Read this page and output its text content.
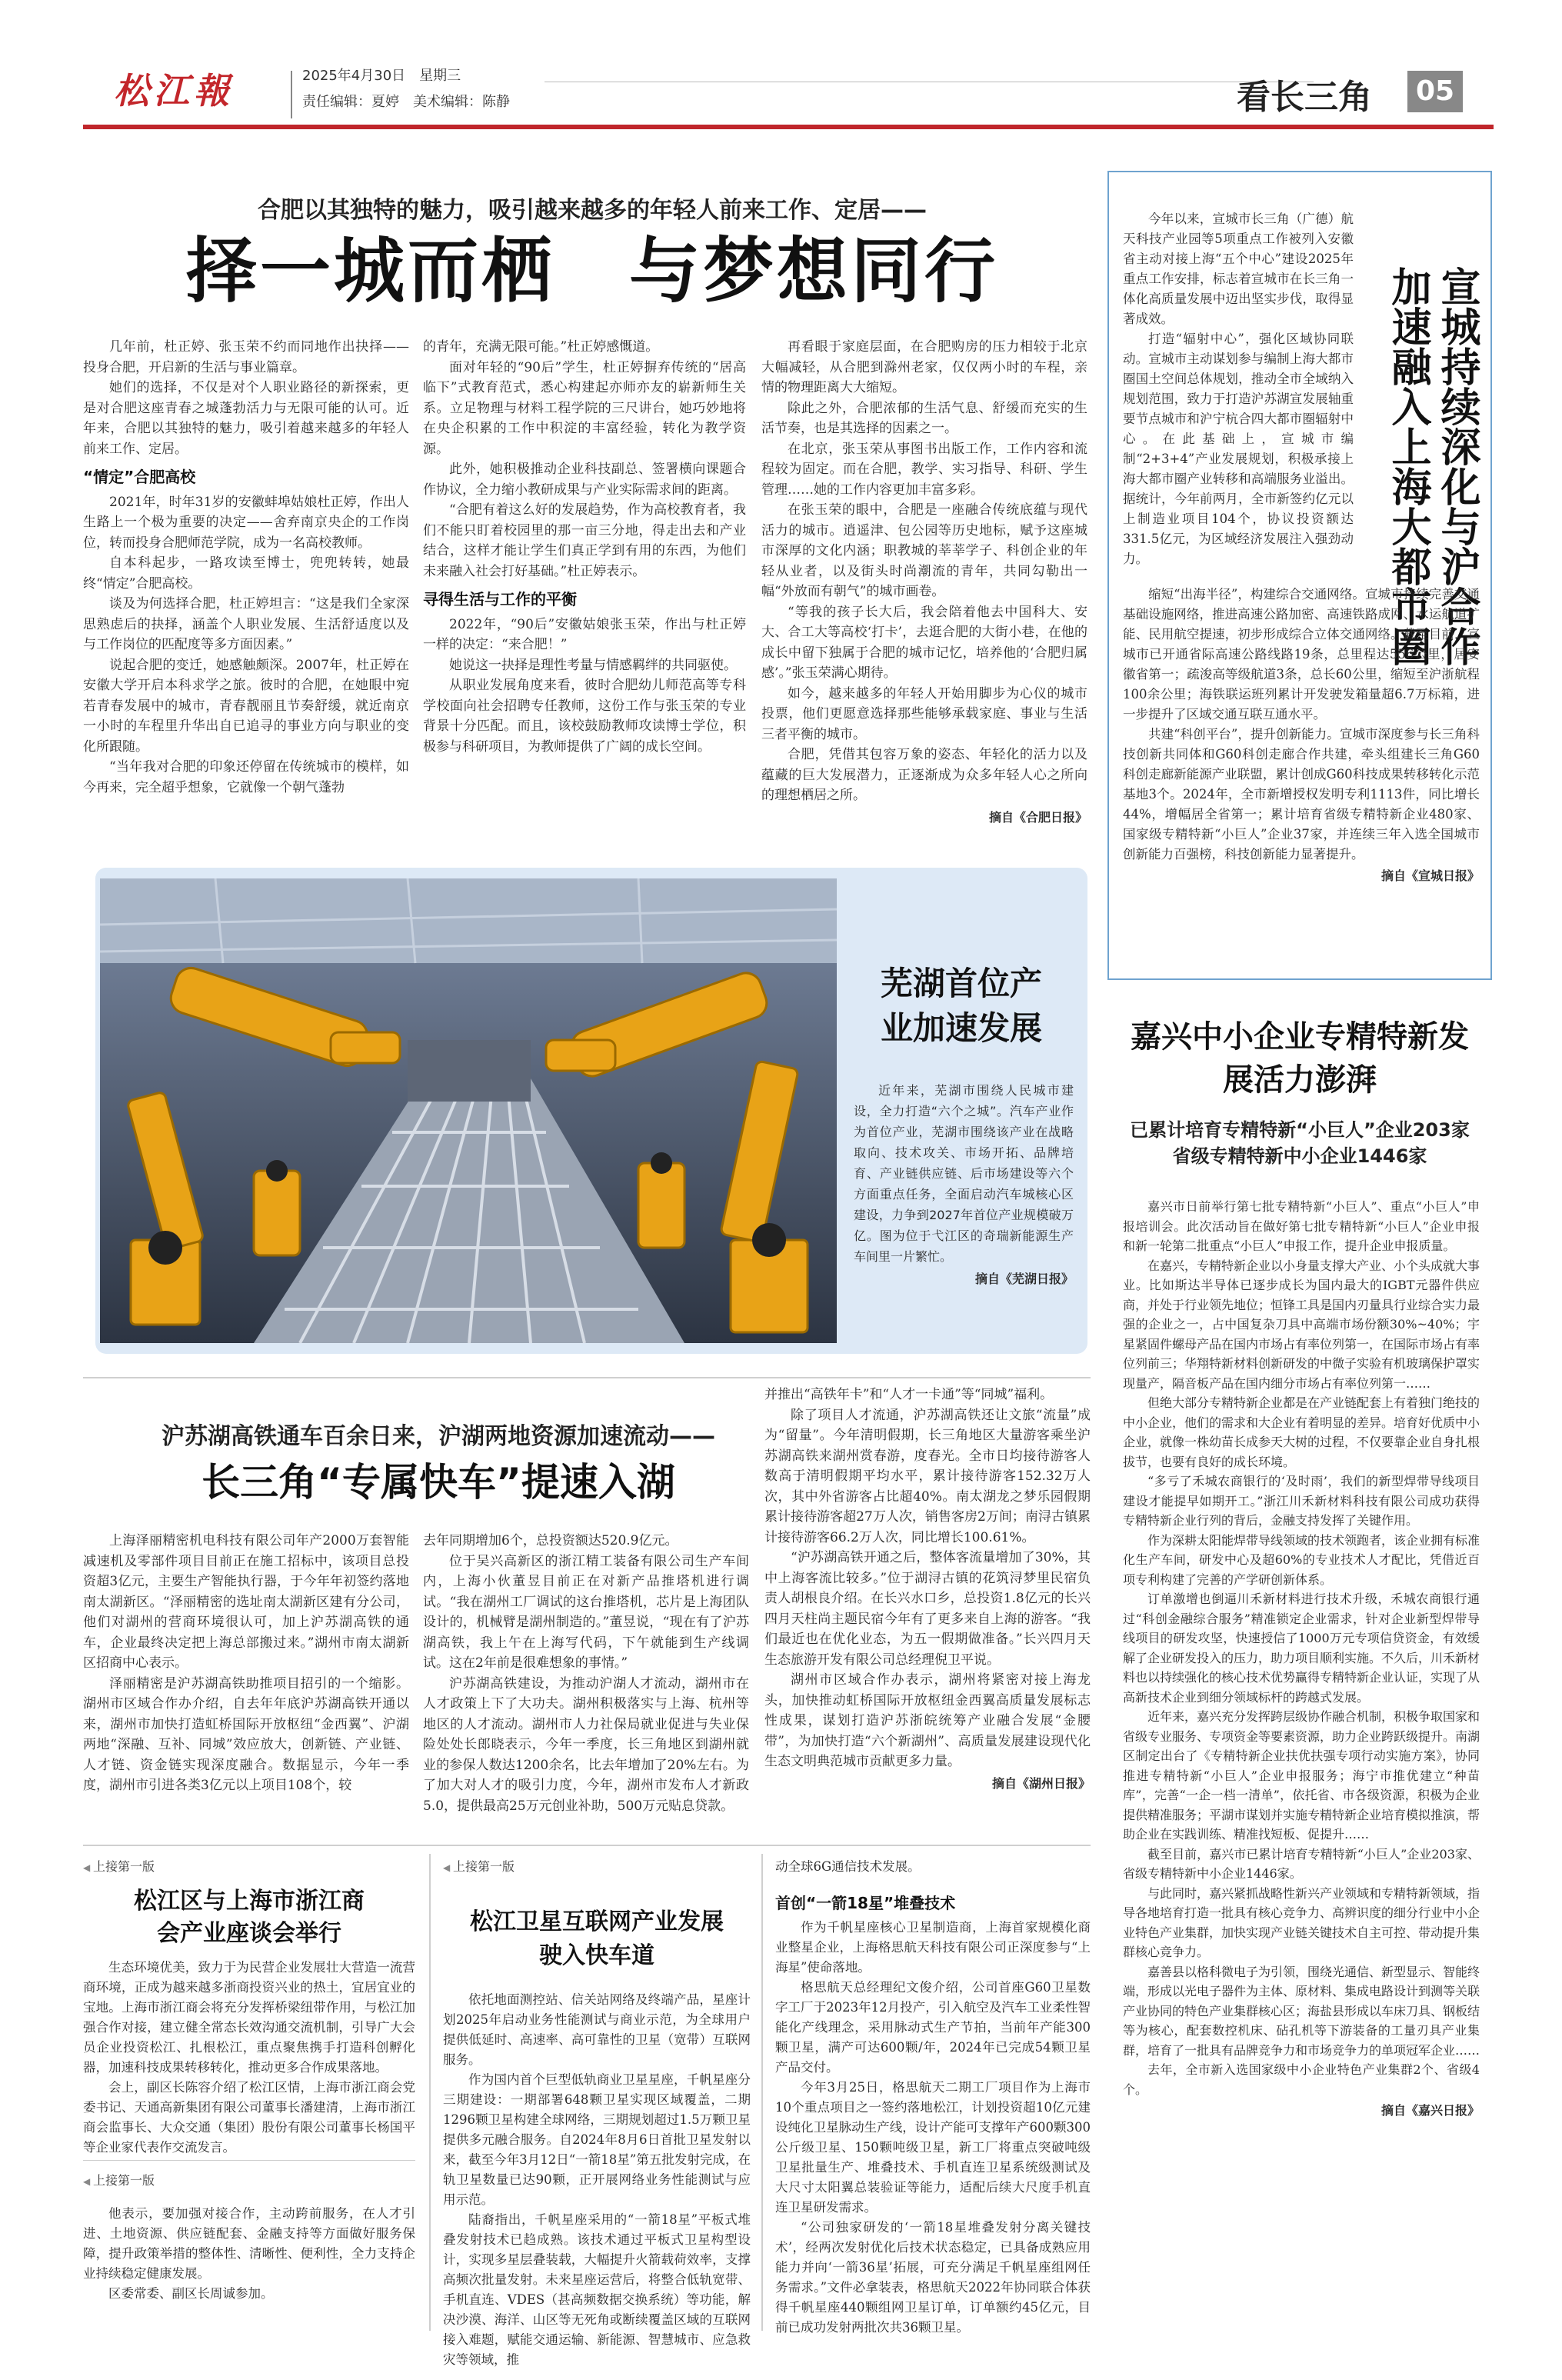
松江報	2025年4月30日　星期三
责任编辑：夏婷　美术编辑：陈静	看长三角	05
合肥以其独特的魅力，吸引越来越多的年轻人前来工作、定居——
择一城而栖　与梦想同行

几年前，杜正婷、张玉荣不约而同地作出抉择——投身合肥，开启新的生活与事业篇章。

她们的选择，不仅是对个人职业路径的新探索，更是对合肥这座青春之城蓬勃活力与无限可能的认可。近年来，合肥以其独特的魅力，吸引着越来越多的年轻人前来工作、定居。

“情定”合肥高校

2021年，时年31岁的安徽蚌埠姑娘杜正婷，作出人生路上一个极为重要的决定——舍弃南京央企的工作岗位，转而投身合肥师范学院，成为一名高校教师。

自本科起步，一路攻读至博士，兜兜转转，她最终“情定”合肥高校。

谈及为何选择合肥，杜正婷坦言：“这是我们全家深思熟虑后的抉择，涵盖个人职业发展、生活舒适度以及与工作岗位的匹配度等多方面因素。”

说起合肥的变迁，她感触颇深。2007年，杜正婷在安徽大学开启本科求学之旅。彼时的合肥，在她眼中宛若青春发展中的城市，青春靓丽且节奏舒缓，就近南京一小时的车程里升华出自已追寻的事业方向与职业的变化所跟随。

“当年我对合肥的印象还停留在传统城市的模样，如今再来，完全超乎想象，它就像一个朝气蓬勃

的青年，充满无限可能。”杜正婷感慨道。

面对年轻的“90后”学生，杜正婷摒弃传统的“居高临下”式教育范式，悉心构建起亦师亦友的崭新师生关系。立足物理与材料工程学院的三尺讲台，她巧妙地将在央企积累的工作中积淀的丰富经验，转化为教学资源。

此外，她积极推动企业科技副总、签署横向课题合作协议，全力缩小教研成果与产业实际需求间的距离。

“合肥有着这么好的发展趋势，作为高校教育者，我们不能只盯着校园里的那一亩三分地，得走出去和产业结合，这样才能让学生们真正学到有用的东西，为他们未来融入社会打好基础。”杜正婷表示。

寻得生活与工作的平衡

2022年，“90后”安徽姑娘张玉荣，作出与杜正婷一样的决定：“来合肥！”

她说这一抉择是理性考量与情感羁绊的共同驱使。

从职业发展角度来看，彼时合肥幼儿师范高等专科学校面向社会招聘专任教师，这份工作与张玉荣的专业背景十分匹配。而且，该校鼓励教师攻读博士学位，积极参与科研项目，为教师提供了广阔的成长空间。

再看眼于家庭层面，在合肥购房的压力相较于北京大幅减轻，从合肥到滁州老家，仅仅两小时的车程，亲情的物理距离大大缩短。

除此之外，合肥浓郁的生活气息、舒缓而充实的生活节奏，也是其选择的因素之一。

在北京，张玉荣从事图书出版工作，工作内容和流程较为固定。而在合肥，教学、实习指导、科研、学生管理……她的工作内容更加丰富多彩。

在张玉荣的眼中，合肥是一座融合传统底蕴与现代活力的城市。逍遥津、包公园等历史地标，赋予这座城市深厚的文化内涵；职教城的莘莘学子、科创企业的年轻从业者，以及街头时尚潮流的青年，共同勾勒出一幅“外放而有朝气”的城市画卷。

“等我的孩子长大后，我会陪着他去中国科大、安大、合工大等高校‘打卡’，去逛合肥的大街小巷，在他的成长中留下独属于合肥的城市记忆，培养他的‘合肥归属感’。”张玉荣满心期待。

如今，越来越多的年轻人开始用脚步为心仪的城市投票，他们更愿意选择那些能够承载家庭、事业与生活三者平衡的城市。

合肥，凭借其包容万象的姿态、年轻化的活力以及蕴藏的巨大发展潜力，正逐渐成为众多年轻人心之所向的理想栖居之所。

摘自《合肥日报》
芜湖首位产业加速发展

近年来，芜湖市围绕人民城市建设，全力打造“六个之城”。汽车产业作为首位产业，芜湖市围绕该产业在战略取向、技术攻关、市场开拓、品牌培育、产业链供应链、后市场建设等六个方面重点任务，全面启动汽车城核心区建设，力争到2027年首位产业规模破万亿。图为位于弋江区的奇瑞新能源生产车间里一片繁忙。

摘自《芜湖日报》
宣城持续深化与沪合作加速融入上海大都市圈

今年以来，宣城市长三角（广德）航天科技产业园等5项重点工作被列入安徽省主动对接上海“五个中心”建设2025年重点工作安排，标志着宣城市在长三角一体化高质量发展中迈出坚实步伐，取得显著成效。

打造“辐射中心”，强化区域协同联动。宣城市主动谋划参与编制上海大都市圈国土空间总体规划，推动全市全域纳入规划范围，致力于打造沪苏湖宣发展轴重要节点城市和沪宁杭合四大都市圈辐射中心。在此基础上，宣城市编制“2+3+4”产业发展规划，积极承接上海大都市圈产业转移和高端服务业溢出。据统计，今年前两月，全市新签约亿元以上制造业项目104个，协议投资额达331.5亿元，为区域经济发展注入强劲动力。

缩短“出海半径”，构建综合交通网络。宣城市持续完善交通基础设施网络，推进高速公路加密、高速铁路成网、水运航道扩能、民用航空提速，初步形成综合立体交通网络。截至目前，宣城市已开通省际高速公路线路19条，总里程达556公里，居安徽省第一；疏浚高等级航道3条，总长60公里，缩短至沪浙航程100余公里；海铁联运班列累计开发驶发箱量超6.7万标箱，进一步提升了区域交通互联互通水平。

共建“科创平台”，提升创新能力。宣城市深度参与长三角科技创新共同体和G60科创走廊合作共建，牵头组建长三角G60科创走廊新能源产业联盟，累计创成G60科技成果转移转化示范基地3个。2024年，全市新增授权发明专利1113件，同比增长44%，增幅居全省第一；累计培育省级专精特新企业480家、国家级专精特新“小巨人”企业37家，并连续三年入选全国城市创新能力百强榜，科技创新能力显著提升。

摘自《宣城日报》
嘉兴中小企业专精特新发展活力澎湃
已累计培育专精特新“小巨人”企业203家
省级专精特新中小企业1446家

嘉兴市日前举行第七批专精特新“小巨人”、重点“小巨人”申报培训会。此次活动旨在做好第七批专精特新“小巨人”企业申报和新一轮第二批重点“小巨人”申报工作，提升企业申报质量。

在嘉兴，专精特新企业以小身量支撑大产业、小个头成就大事业。比如斯达半导体已逐步成长为国内最大的IGBT元器件供应商，并处于行业领先地位；恒锋工具是国内刃量具行业综合实力最强的企业之一，占中国复杂刀具中高端市场份额30%~40%；宇星紧固件螺母产品在国内市场占有率位列第一，在国际市场占有率位列前三；华翔特新材料创新研发的中微子实验有机玻璃保护罩实现量产，隔音板产品在国内细分市场占有率位列第一……

但绝大部分专精特新企业都是在产业链配套上有着独门绝技的中小企业，他们的需求和大企业有着明显的差异。培育好优质中小企业，就像一株幼苗长成参天大树的过程，不仅要靠企业自身扎根拔节，也要有良好的成长环境。

“多亏了禾城农商银行的‘及时雨’，我们的新型焊带导线项目建设才能提早如期开工。”浙江川禾新材料科技有限公司成功获得专精特新企业行列的背后，金融支持发挥了关键作用。

作为深耕太阳能焊带导线领域的技术领跑者，该企业拥有标准化生产车间，研发中心及超60%的专业技术人才配比，凭借近百项专利构建了完善的产学研创新体系。

订单激增也倒逼川禾新材料进行技术升级，禾城农商银行通过“科创金融综合服务”精准锁定企业需求，针对企业新型焊带导线项目的研发攻坚，快速授信了1000万元专项信贷资金，有效缓解了企业研发投入的压力，助力项目顺利实施。不久后，川禾新材料也以持续强化的核心技术优势赢得专精特新企业认证，实现了从高新技术企业到细分领域标杆的跨越式发展。

近年来，嘉兴充分发挥跨层级协作融合机制，积极争取国家和省级专业服务、专项资金等要素资源，助力企业跨跃级提升。南湖区制定出台了《专精特新企业扶优扶强专项行动实施方案》，协同推进专精特新“小巨人”企业申报服务；海宁市推优建立“种苗库”，完善“一企一档一清单”，依托省、市各级资源，积极为企业提供精准服务；平湖市谋划并实施专精特新企业培育模拟推演，帮助企业在实践训练、精准找短板、促提升……

截至目前，嘉兴市已累计培育专精特新“小巨人”企业203家、省级专精特新中小企业1446家。

与此同时，嘉兴紧抓战略性新兴产业领域和专精特新领域，指导各地培育打造一批具有核心竞争力、高辨识度的细分行业中小企业特色产业集群，加快实现产业链关键技术自主可控、带动提升集群核心竞争力。

嘉善县以格科微电子为引领，围绕光通信、新型显示、智能终端，形成以光电子器件为主体、原材料、集成电路设计到测等关联产业协同的特色产业集群核心区；海盐县形成以车床刀具、钢板结等为核心，配套数控机床、砧孔机等下游装备的工量刃具产业集群，培育了一批具有品牌竞争力和市场竞争力的单项冠军企业……

去年，全市新入选国家级中小企业特色产业集群2个、省级4个。

摘自《嘉兴日报》
沪苏湖高铁通车百余日来，沪湖两地资源加速流动——
长三角“专属快车”提速入湖

上海泽丽精密机电科技有限公司年产2000万套智能减速机及零部件项目目前正在施工招标中，该项目总投资超3亿元，主要生产智能执行器，于今年年初签约落地南太湖新区。“泽丽精密的选址南太湖新区建有分公司，他们对湖州的营商环境很认可，加上沪苏湖高铁的通车，企业最终决定把上海总部搬过来。”湖州市南太湖新区招商中心表示。

泽丽精密是沪苏湖高铁助推项目招引的一个缩影。湖州市区域合作办介绍，自去年年底沪苏湖高铁开通以来，湖州市加快打造虹桥国际开放枢纽“金西翼”、沪湖两地“深融、互补、同城”效应放大，创新链、产业链、人才链、资金链实现深度融合。数据显示，今年一季度，湖州市引进各类3亿元以上项目108个，较

去年同期增加6个，总投资额达520.9亿元。

位于吴兴高新区的浙江精工装备有限公司生产车间内，上海小伙董昱目前正在对新产品推塔机进行调试。“我在湖州工厂调试的这台推塔机，芯片是上海团队设计的，机械臂是湖州制造的。”董昱说，“现在有了沪苏湖高铁，我上午在上海写代码，下午就能到生产线调试。这在2年前是很难想象的事情。”

沪苏湖高铁建设，为推动沪湖人才流动，湖州市在人才政策上下了大功夫。湖州积极落实与上海、杭州等地区的人才流动。湖州市人力社保局就业促进与失业保险处处长郎晓表示，今年一季度，长三角地区到湖州就业的参保人数达1200余名，比去年增加了20%左右。为了加大对人才的吸引力度，今年，湖州市发布人才新政5.0，提供最高25万元创业补助，500万元贴息贷款。

并推出“高铁年卡”和“人才一卡通”等“同城”福利。

除了项目人才流通，沪苏湖高铁还让文旅“流量”成为“留量”。今年清明假期，长三角地区大量游客乘坐沪苏湖高铁来湖州赏春游，度春光。全市日均接待游客人数高于清明假期平均水平，累计接待游客152.32万人次，其中外省游客占比超40%。南太湖龙之梦乐园假期累计接待游客超27万人次，销售客房2万间；南浔古镇累计接待游客66.2万人次，同比增长100.61%。

“沪苏湖高铁开通之后，整体客流量增加了30%，其中上海客流比较多。”位于湖浔古镇的花筑浔梦里民宿负责人胡根良介绍。在长兴水口乡，总投资1.8亿元的长兴四月天柱尚主题民宿今年有了更多来自上海的游客。“我们最近也在优化业态，为五一假期做准备。”长兴四月天生态旅游开发有限公司总经理倪卫平说。

湖州市区域合作办表示，湖州将紧密对接上海龙头，加快推动虹桥国际开放枢纽金西翼高质量发展标志性成果，谋划打造沪苏浙皖统筹产业融合发展“金腰带”，为加快打造“六个新湖州”、高质量发展建设现代化生态文明典范城市贡献更多力量。

摘自《湖州日报》
◀ 上接第一版
松江区与上海市浙江商会产业座谈会举行

生态环境优美，致力于为民营企业发展壮大营造一流营商环境，正成为越来越多浙商投资兴业的热土，宜居宜业的宝地。上海市浙江商会将充分发挥桥梁纽带作用，与松江加强合作对接，建立健全常态长效沟通交流机制，引导广大会员企业投资松江、扎根松江，重点聚焦携手打造科创孵化器，加速科技成果转移转化，推动更多合作成果落地。

会上，副区长陈容介绍了松江区情，上海市浙江商会党委书记、天通高新集团有限公司董事长潘建清，上海市浙江商会监事长、大众交通（集团）股份有限公司董事长杨国平等企业家代表作交流发言。

◀ 上接第一版

他表示，要加强对接合作，主动跨前服务，在人才引进、土地资源、供应链配套、金融支持等方面做好服务保障，提升政策举措的整体性、清晰性、便利性，全力支持企业持续稳定健康发展。

区委常委、副区长周诚参加。

◀ 上接第一版
松江卫星互联网产业发展驶入快车道

依托地面测控站、信关站网络及终端产品，星座计划2025年启动业务性能测试与商业示范，为全球用户提供低延时、高速率、高可靠性的卫星（宽带）互联网服务。

作为国内首个巨型低轨商业卫星星座，千帆星座分三期建设：一期部署648颗卫星实现区域覆盖，二期1296颗卫星构建全球网络，三期规划超过1.5万颗卫星提供多元融合服务。自2024年8月6日首批卫星发射以来，截至今年3月12日“一箭18星”第五批发射完成，在轨卫星数量已达90颗，正开展网络业务性能测试与应用示范。

陆裔指出，千帆星座采用的“一箭18星”平板式堆叠发射技术已趋成熟。该技术通过平板式卫星构型设计，实现多星层叠装载，大幅提升火箭载荷效率，支撑高频次批量发射。未来星座运营后，将整合低轨宽带、手机直连、VDES（甚高频数据交换系统）等功能，解决沙漠、海洋、山区等无死角或断续覆盖区域的互联网接入难题，赋能交通运输、新能源、智慧城市、应急救灾等领域，推

动全球6G通信技术发展。

首创“一箭18星”堆叠技术

作为千帆星座核心卫星制造商，上海首家规模化商业整星企业，上海格思航天科技有限公司正深度参与“上海星”使命落地。

格思航天总经理纪文俊介绍，公司首座G60卫星数字工厂于2023年12月投产，引入航空及汽车工业柔性智能化产线理念，采用脉动式生产节拍，当前年产能300颗卫星，满产可达600颗/年，2024年已完成54颗卫星产品交付。

今年3月25日，格思航天二期工厂项目作为上海市10个重点项目之一签约落地松江，计划投资超10亿元建设纯化卫星脉动生产线，设计产能可支撑年产600颗300公斤级卫星、150颗吨级卫星，新工厂将重点突破吨级卫星批量生产、堆叠技术、手机直连卫星系统级测试及大尺寸太阳翼总装验证等能力，适配后续大尺度手机直连卫星研发需求。

“公司独家研发的‘一箭18星堆叠发射分离关键技术’，经两次发射优化后技术状态稳定，已具备成熟应用能力并向‘一箭36星’拓展，可充分满足千帆星座组网任务需求。”文件必拿装表，格思航天2022年协同联合体获得千帆星座440颗组网卫星订单，订单额约45亿元，目前已成功发射两批次共36颗卫星。
